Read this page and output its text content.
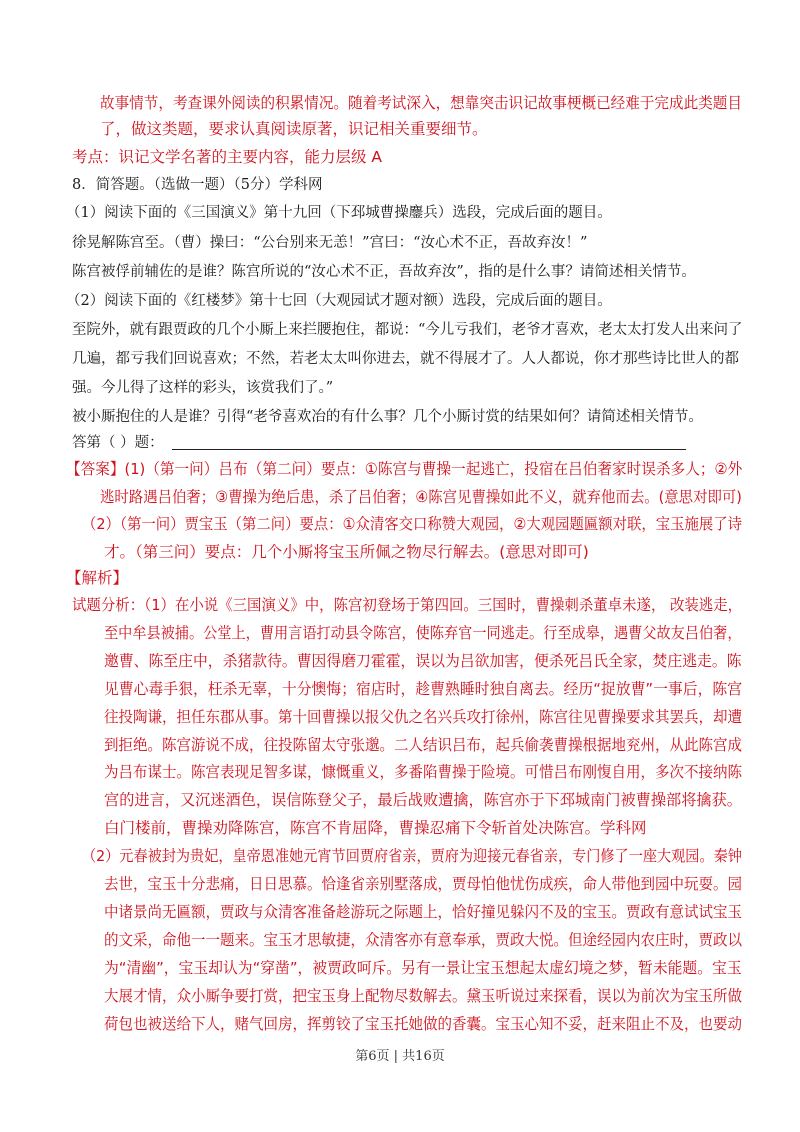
故事情节，考查课外阅读的积累情况。随着考试深入，想靠突击识记故事梗概已经难于完成此类题目
了，做这类题，要求认真阅读原著，识记相关重要细节。
考点：识记文学名著的主要内容，能力层级 A
8．简答题。（选做一题）（5分）学科网
（1）阅读下面的《三国演义》第十九回（下邳城曹操鏖兵）选段，完成后面的题目。
徐晃解陈宫至。（曹）操曰：“公台别来无恙！”宫曰：“汝心术不正，吾故弃汝！”
陈宫被俘前辅佐的是谁？陈宫所说的“汝心术不正，吾故弃汝”，指的是什么事？请简述相关情节。
（2）阅读下面的《红楼梦》第十七回（大观园试才题对额）选段，完成后面的题目。
至院外，就有跟贾政的几个小厮上来拦腰抱住，都说：“今儿亏我们，老爷才喜欢，老太太打发人出来问了
几遍，都亏我们回说喜欢；不然，若老太太叫你进去，就不得展才了。人人都说，你才那些诗比世人的都
强。今儿得了这样的彩头，该赏我们了。”
被小厮抱住的人是谁？引得“老爷喜欢冶的有什么事？几个小厮讨赏的结果如何？请简述相关情节。
答第（ ）题：
【答案】(1)（第一问）吕布（第二问）要点：①陈宫与曹操一起逃亡，投宿在吕伯奢家时误杀多人；②外
逃时路遇吕伯奢；③曹操为绝后患，杀了吕伯奢；④陈宫见曹操如此不义，就弃他而去。(意思对即可)
（2）（第一问）贾宝玉（第二问）要点：①众清客交口称赞大观园，②大观园题匾额对联，宝玉施展了诗
才。（第三问）要点：几个小厮将宝玉所佩之物尽行解去。(意思对即可)
【解析】
试题分析：（1）在小说《三国演义》中，陈宫初登场于第四回。三国时，曹操刺杀董卓未遂， 改装逃走，
至中牟县被捕。公堂上，曹用言语打动县令陈宫，使陈弃官一同逃走。行至成皋，遇曹父故友吕伯奢，
邀曹、陈至庄中，杀猪款待。曹因得磨刀霍霍，误以为吕欲加害，便杀死吕氏全家，焚庄逃走。陈
见曹心毒手狠，枉杀无辜，十分懊悔；宿店时，趁曹熟睡时独自离去。经历“捉放曹”一事后，陈宫
往投陶谦，担任东郡从事。第十回曹操以报父仇之名兴兵攻打徐州，陈宫往见曹操要求其罢兵，却遭
到拒绝。陈宫游说不成，往投陈留太守张邈。二人结识吕布，起兵偷袭曹操根据地兖州，从此陈宫成
为吕布谋士。陈宫表现足智多谋，慷慨重义，多番陷曹操于险境。可惜吕布刚愎自用，多次不接纳陈
宫的进言，又沉迷酒色，误信陈登父子，最后战败遭擒，陈宫亦于下邳城南门被曹操部将擒获。
白门楼前，曹操劝降陈宫，陈宫不肯屈降，曹操忍痛下令斩首处决陈宫。学科网
（2）元春被封为贵妃，皇帝恩准她元宵节回贾府省亲，贾府为迎接元春省亲，专门修了一座大观园。秦钟
去世，宝玉十分悲痛，日日思慕。恰逢省亲别墅落成，贾母怕他忧伤成疾，命人带他到园中玩耍。园
中诸景尚无匾额，贾政与众清客准备趁游玩之际题上，恰好撞见躲闪不及的宝玉。贾政有意试试宝玉
的文采，命他一一题来。宝玉才思敏捷，众清客亦有意奉承，贾政大悦。但途经园内农庄时，贾政以
为“清幽”，宝玉却认为“穿凿”，被贾政呵斥。另有一景让宝玉想起太虚幻境之梦，暂未能题。宝玉
大展才情，众小厮争要打赏，把宝玉身上配物尽数解去。黛玉听说过来探看，误以为前次为宝玉所做
荷包也被送给下人，赌气回房，挥剪铰了宝玉托她做的香囊。宝玉心知不妥，赶来阻止不及，也要动
第6页 | 共16页
